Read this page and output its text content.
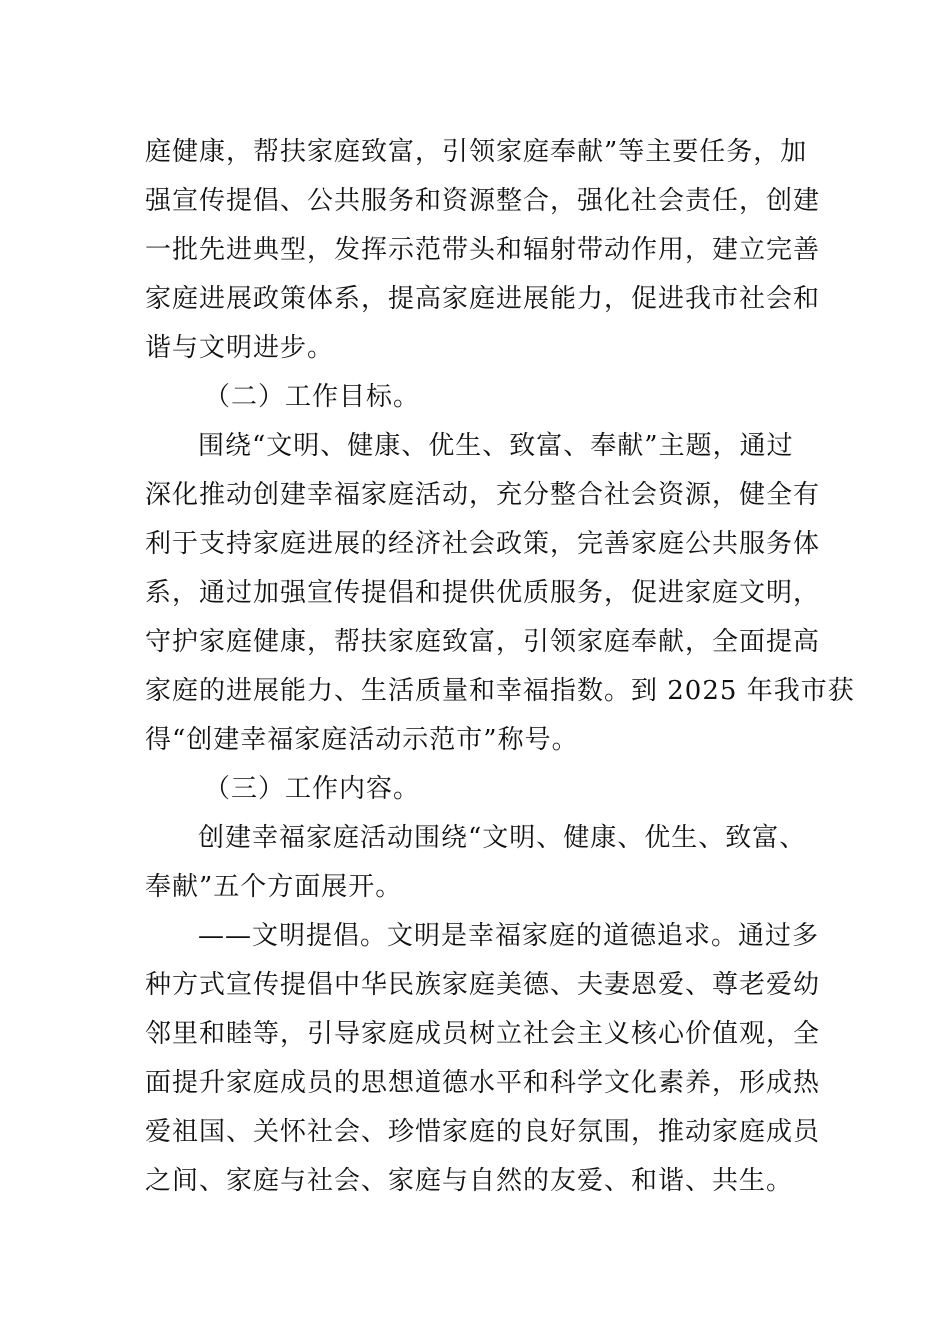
庭健康，帮扶家庭致富，引领家庭奉献”等主要任务，加
强宣传提倡、公共服务和资源整合，强化社会责任，创建
一批先进典型，发挥示范带头和辐射带动作用，建立完善
家庭进展政策体系，提高家庭进展能力，促进我市社会和
谐与文明进步。
（二）工作目标。
围绕“文明、健康、优生、致富、奉献”主题，通过
深化推动创建幸福家庭活动，充分整合社会资源，健全有
利于支持家庭进展的经济社会政策，完善家庭公共服务体
系，通过加强宣传提倡和提供优质服务，促进家庭文明，
守护家庭健康，帮扶家庭致富，引领家庭奉献，全面提高
家庭的进展能力、生活质量和幸福指数。到 2025 年我市获
得“创建幸福家庭活动示范市”称号。
（三）工作内容。
创建幸福家庭活动围绕“文明、健康、优生、致富、
奉献”五个方面展开。
——文明提倡。文明是幸福家庭的道德追求。通过多
种方式宣传提倡中华民族家庭美德、夫妻恩爱、尊老爱幼
邻里和睦等，引导家庭成员树立社会主义核心价值观，全
面提升家庭成员的思想道德水平和科学文化素养，形成热
爱祖国、关怀社会、珍惜家庭的良好氛围，推动家庭成员
之间、家庭与社会、家庭与自然的友爱、和谐、共生。
